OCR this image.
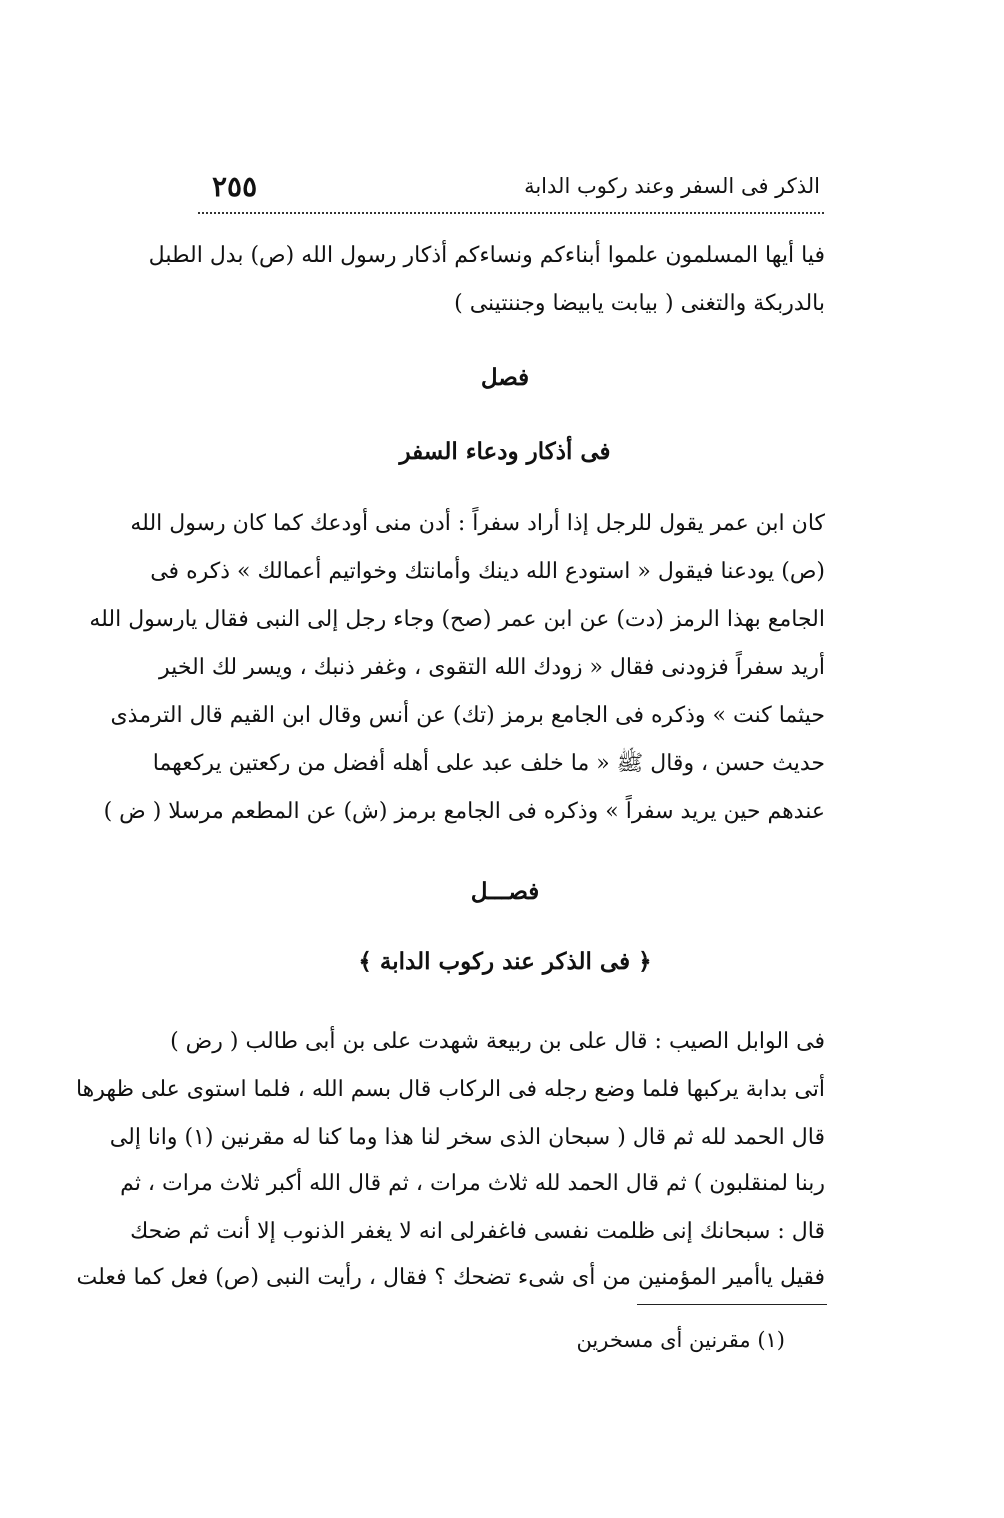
الذكر فى السفر وعند ركوب الدابة
٢٥٥
فيا أيها المسلمون علموا أبناءكم ونساءكم أذكار رسول الله (ص) بدل الطبل
بالدربكة والتغنى ( بيابت يابيضا وجننتينى )
فصل
فى أذكار ودعاء السفر
كان ابن عمر يقول للرجل إذا أراد سفراً : أدن منى أودعك كما كان رسول الله
(ص) يودعنا فيقول « استودع الله دينك وأمانتك وخواتيم أعمالك » ذكره فى
الجامع بهذا الرمز (دت) عن ابن عمر (صح) وجاء رجل إلى النبى فقال يارسول الله
أريد سفراً فزودنى فقال « زودك الله التقوى ، وغفر ذنبك ، ويسر لك الخير
حيثما كنت » وذكره فى الجامع برمز (تك) عن أنس وقال ابن القيم قال الترمذى
حديث حسن ، وقال ﷺ « ما خلف عبد على أهله أفضل من ركعتين يركعهما
عندهم حين يريد سفراً » وذكره فى الجامع برمز (ش) عن المطعم مرسلا ( ض )
فصـــل
﴿ فى الذكر عند ركوب الدابة ﴾
فى الوابل الصيب : قال على بن ربيعة شهدت على بن أبى طالب ( رض )
أتى بدابة يركبها فلما وضع رجله فى الركاب قال بسم الله ، فلما استوى على ظهرها
قال الحمد لله ثم قال ( سبحان الذى سخر لنا هذا وما كنا له مقرنين (١) وانا إلى
ربنا لمنقلبون ) ثم قال الحمد لله ثلاث مرات ، ثم قال الله أكبر ثلاث مرات ، ثم
قال : سبحانك إنى ظلمت نفسى فاغفرلى انه لا يغفر الذنوب إلا أنت ثم ضحك
فقيل ياأمير المؤمنين من أى شىء تضحك ؟ فقال ، رأيت النبى (ص) فعل كما فعلت
(١) مقرنين أى مسخرين
